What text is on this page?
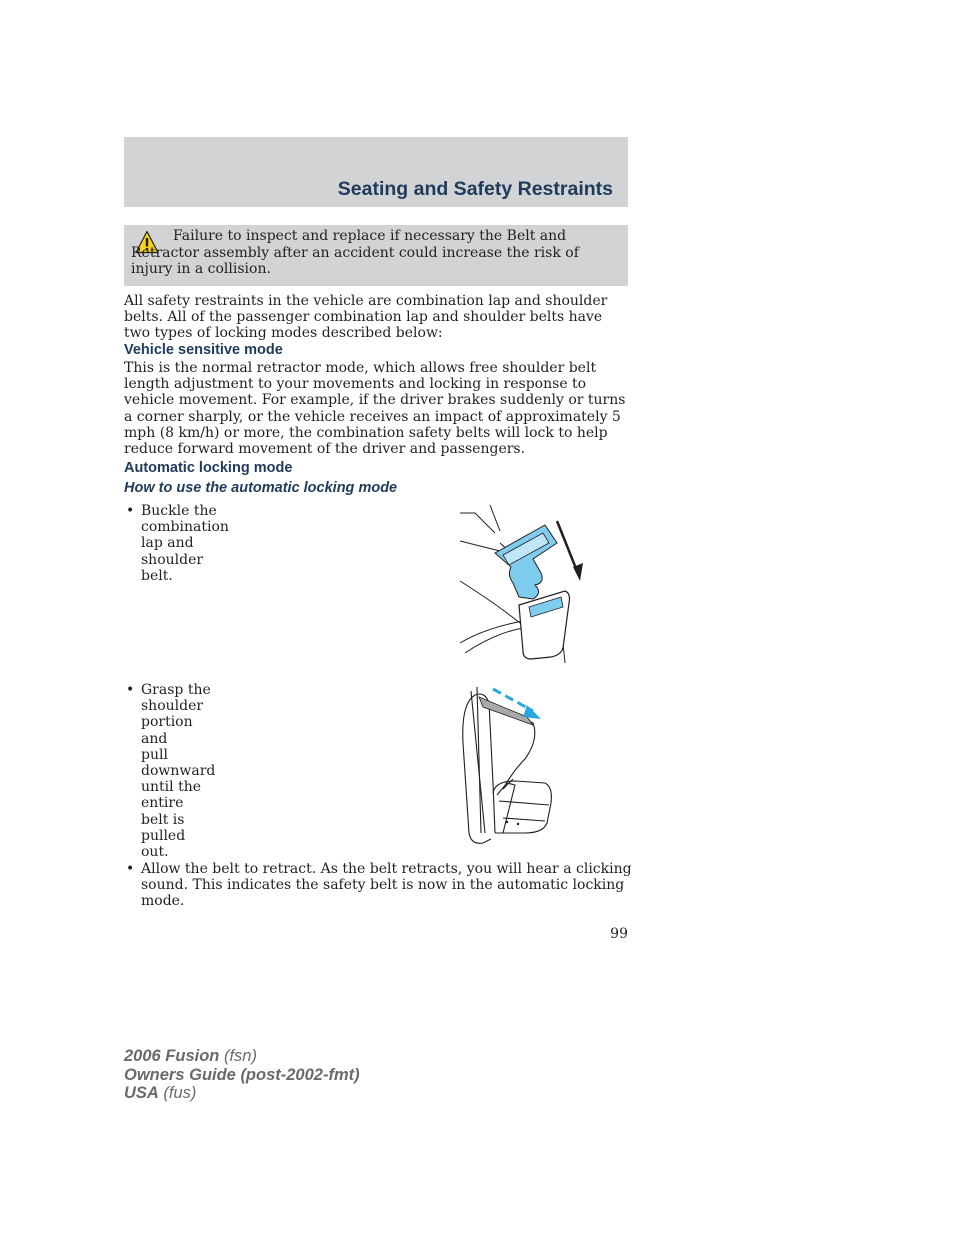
Seating and Safety Restraints
Failure to inspect and replace if necessary the Belt and Retractor assembly after an accident could increase the risk of injury in a collision.
All safety restraints in the vehicle are combination lap and shoulder belts. All of the passenger combination lap and shoulder belts have two types of locking modes described below:
Vehicle sensitive mode
This is the normal retractor mode, which allows free shoulder belt length adjustment to your movements and locking in response to vehicle movement. For example, if the driver brakes suddenly or turns a corner sharply, or the vehicle receives an impact of approximately 5 mph (8 km/h) or more, the combination safety belts will lock to help reduce forward movement of the driver and passengers.
Automatic locking mode
How to use the automatic locking mode
• Buckle the combination lap and
shoulder belt.
• Grasp the shoulder portion and
pull downward until the entire
belt is pulled out.
• Allow the belt to retract. As the belt retracts, you will hear a clicking
sound. This indicates the safety belt is now in the automatic locking
mode.
99
2006 Fusion (fsn)
Owners Guide (post-2002-fmt)
USA (fus)
